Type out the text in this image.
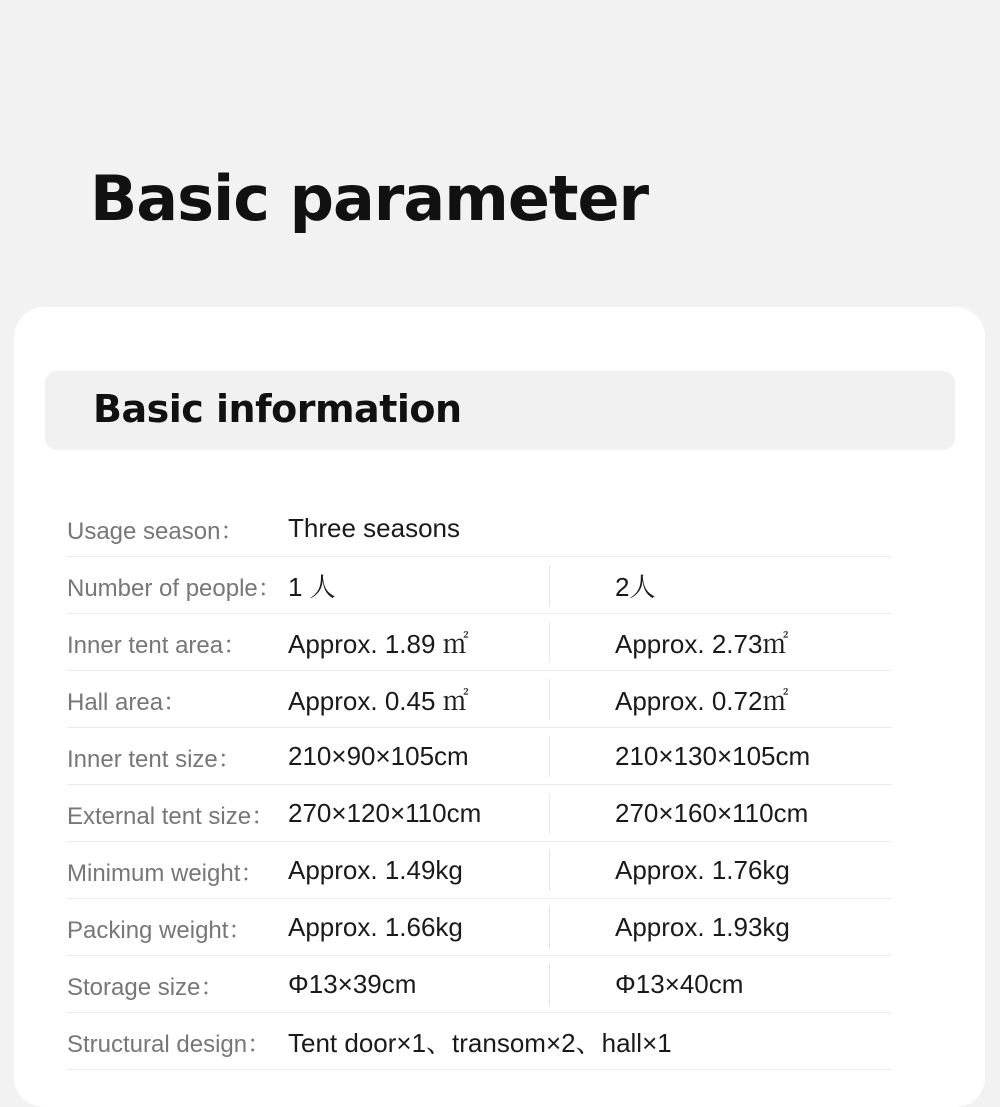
Basic parameter
Basic information
Usage season：	Three seasons
Number of people： 1 人	2人
Inner tent area：	Approx. 1.89 ㎡	Approx. 2.73㎡
Hall area：	Approx. 0.45 ㎡	Approx. 0.72㎡
Inner tent size：	210×90×105cm	210×130×105cm
External tent size： 270×120×110cm	270×160×110cm
Minimum weight： Approx. 1.49kg	Approx. 1.76kg
Packing weight：	Approx. 1.66kg	Approx. 1.93kg
Storage size：	Φ13×39cm	Φ13×40cm
Structural design： Tent door×1、transom×2、hall×1
